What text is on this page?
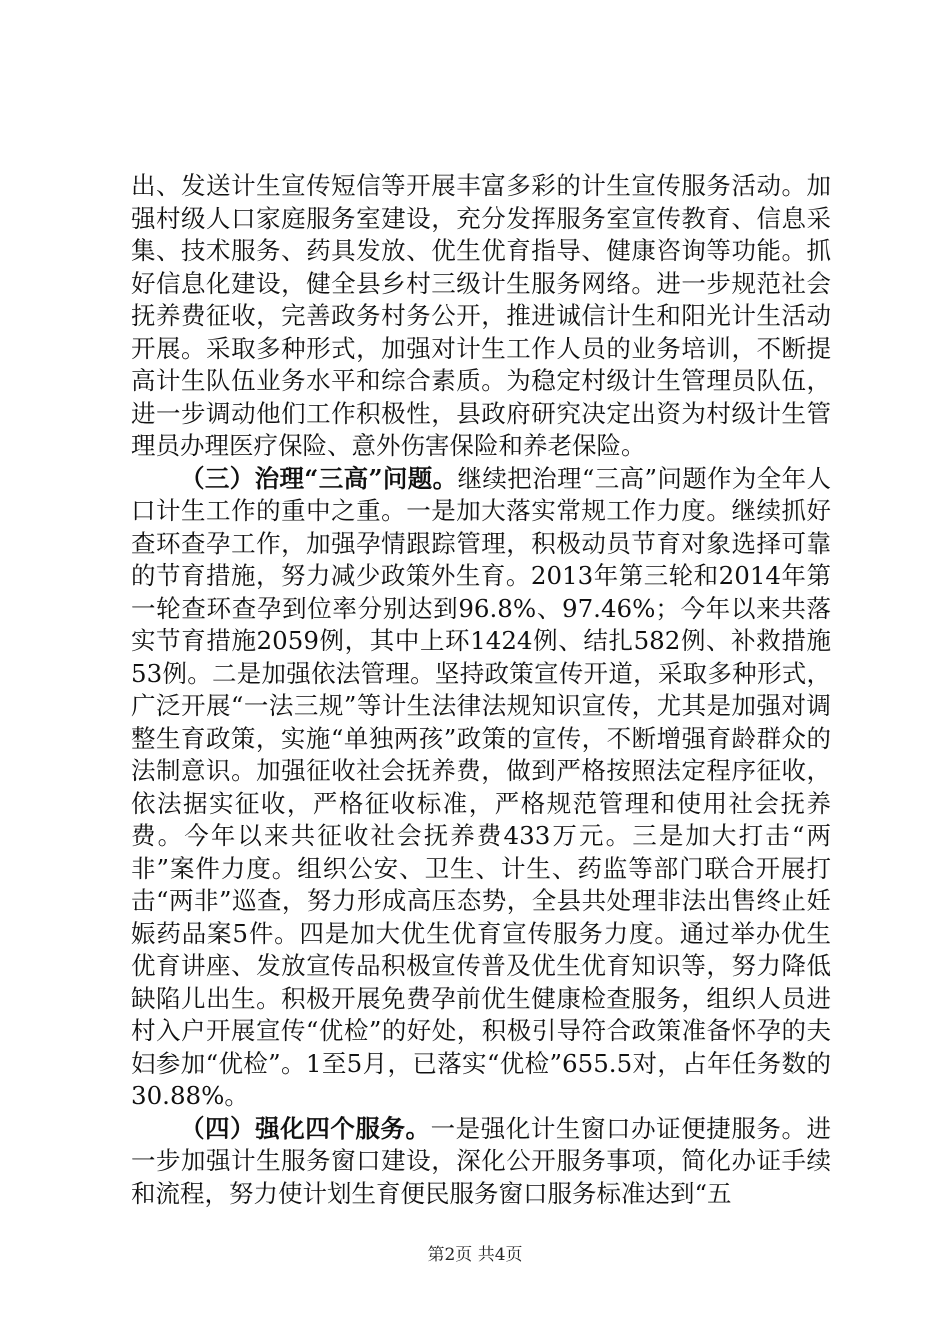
出、发送计生宣传短信等开展丰富多彩的计生宣传服务活动。加强村级人口家庭服务室建设，充分发挥服务室宣传教育、信息采集、技术服务、药具发放、优生优育指导、健康咨询等功能。抓好信息化建设，健全县乡村三级计生服务网络。进一步规范社会抚养费征收，完善政务村务公开，推进诚信计生和阳光计生活动开展。采取多种形式，加强对计生工作人员的业务培训，不断提高计生队伍业务水平和综合素质。为稳定村级计生管理员队伍，进一步调动他们工作积极性，县政府研究决定出资为村级计生管理员办理医疗保险、意外伤害保险和养老保险。

（三）治理“三高”问题。继续把治理“三高”问题作为全年人口计生工作的重中之重。一是加大落实常规工作力度。继续抓好查环查孕工作，加强孕情跟踪管理，积极动员节育对象选择可靠的节育措施，努力减少政策外生育。2013年第三轮和2014年第一轮查环查孕到位率分别达到96.8%、97.46%；今年以来共落实节育措施2059例，其中上环1424例、结扎582例、补救措施53例。二是加强依法管理。坚持政策宣传开道，采取多种形式，广泛开展“一法三规”等计生法律法规知识宣传，尤其是加强对调整生育政策，实施“单独两孩”政策的宣传，不断增强育龄群众的法制意识。加强征收社会抚养费，做到严格按照法定程序征收，依法据实征收，严格征收标准，严格规范管理和使用社会抚养费。今年以来共征收社会抚养费433万元。三是加大打击“两非”案件力度。组织公安、卫生、计生、药监等部门联合开展打击“两非”巡查，努力形成高压态势，全县共处理非法出售终止妊娠药品案5件。四是加大优生优育宣传服务力度。通过举办优生优育讲座、发放宣传品积极宣传普及优生优育知识等，努力降低缺陷儿出生。积极开展免费孕前优生健康检查服务，组织人员进村入户开展宣传“优检”的好处，积极引导符合政策准备怀孕的夫妇参加“优检”。1至5月，已落实“优检”655.5对，占年任务数的30.88%。

（四）强化四个服务。一是强化计生窗口办证便捷服务。进一步加强计生服务窗口建设，深化公开服务事项，简化办证手续和流程，努力使计划生育便民服务窗口服务标准达到“五

第2页 共4页
